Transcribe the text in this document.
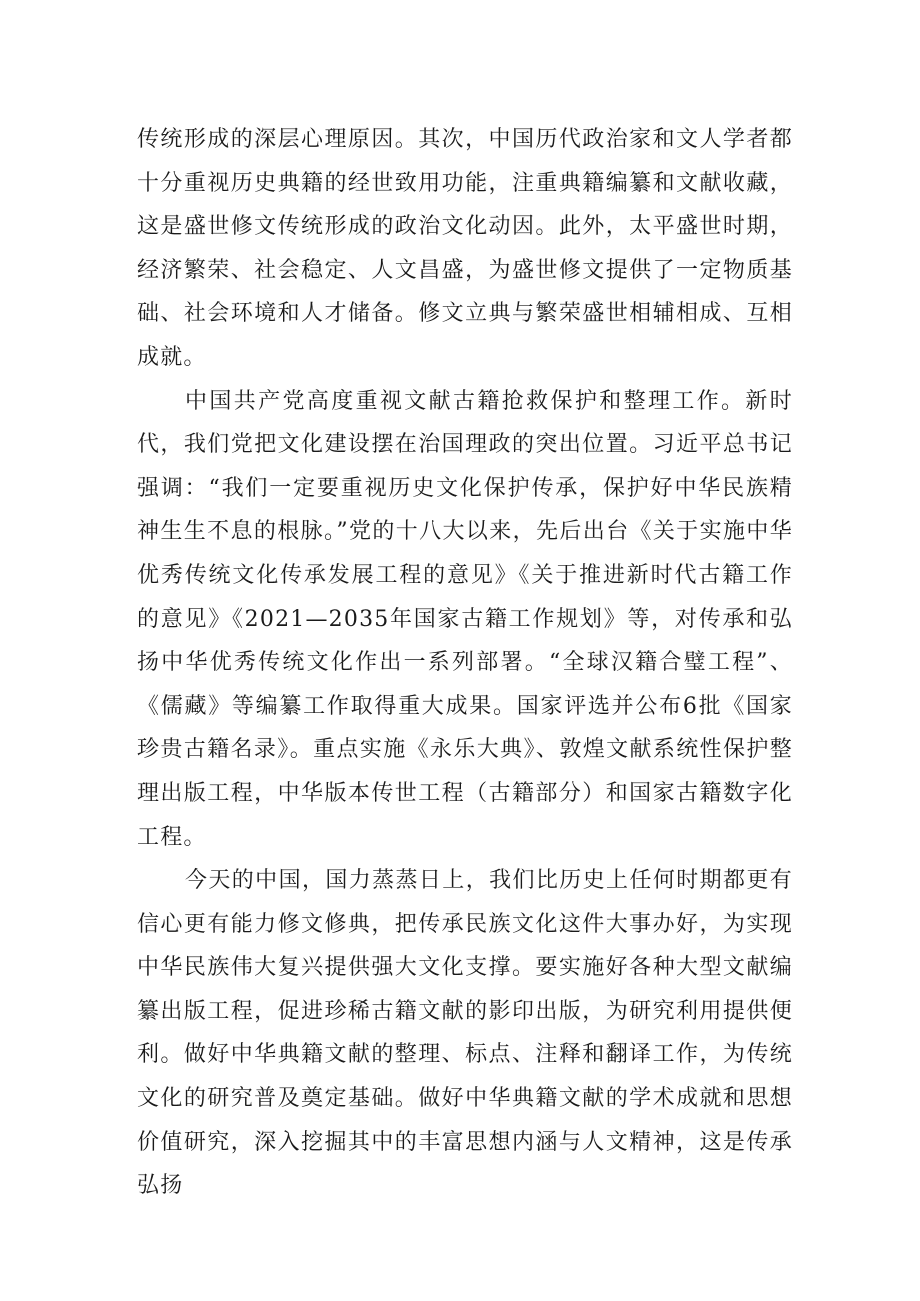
传统形成的深层心理原因。其次，中国历代政治家和文人学者都十分重视历史典籍的经世致用功能，注重典籍编纂和文献收藏，这是盛世修文传统形成的政治文化动因。此外，太平盛世时期，经济繁荣、社会稳定、人文昌盛，为盛世修文提供了一定物质基础、社会环境和人才储备。修文立典与繁荣盛世相辅相成、互相成就。

中国共产党高度重视文献古籍抢救保护和整理工作。新时代，我们党把文化建设摆在治国理政的突出位置。习近平总书记强调：“我们一定要重视历史文化保护传承，保护好中华民族精神生生不息的根脉。”党的十八大以来，先后出台《关于实施中华优秀传统文化传承发展工程的意见》《关于推进新时代古籍工作的意见》《2021—2035年国家古籍工作规划》等，对传承和弘扬中华优秀传统文化作出一系列部署。“全球汉籍合璧工程”、《儒藏》等编纂工作取得重大成果。国家评选并公布6批《国家珍贵古籍名录》。重点实施《永乐大典》、敦煌文献系统性保护整理出版工程，中华版本传世工程（古籍部分）和国家古籍数字化工程。

今天的中国，国力蒸蒸日上，我们比历史上任何时期都更有信心更有能力修文修典，把传承民族文化这件大事办好，为实现中华民族伟大复兴提供强大文化支撑。要实施好各种大型文献编纂出版工程，促进珍稀古籍文献的影印出版，为研究利用提供便利。做好中华典籍文献的整理、标点、注释和翻译工作，为传统文化的研究普及奠定基础。做好中华典籍文献的学术成就和思想价值研究，深入挖掘其中的丰富思想内涵与人文精神，这是传承弘扬
